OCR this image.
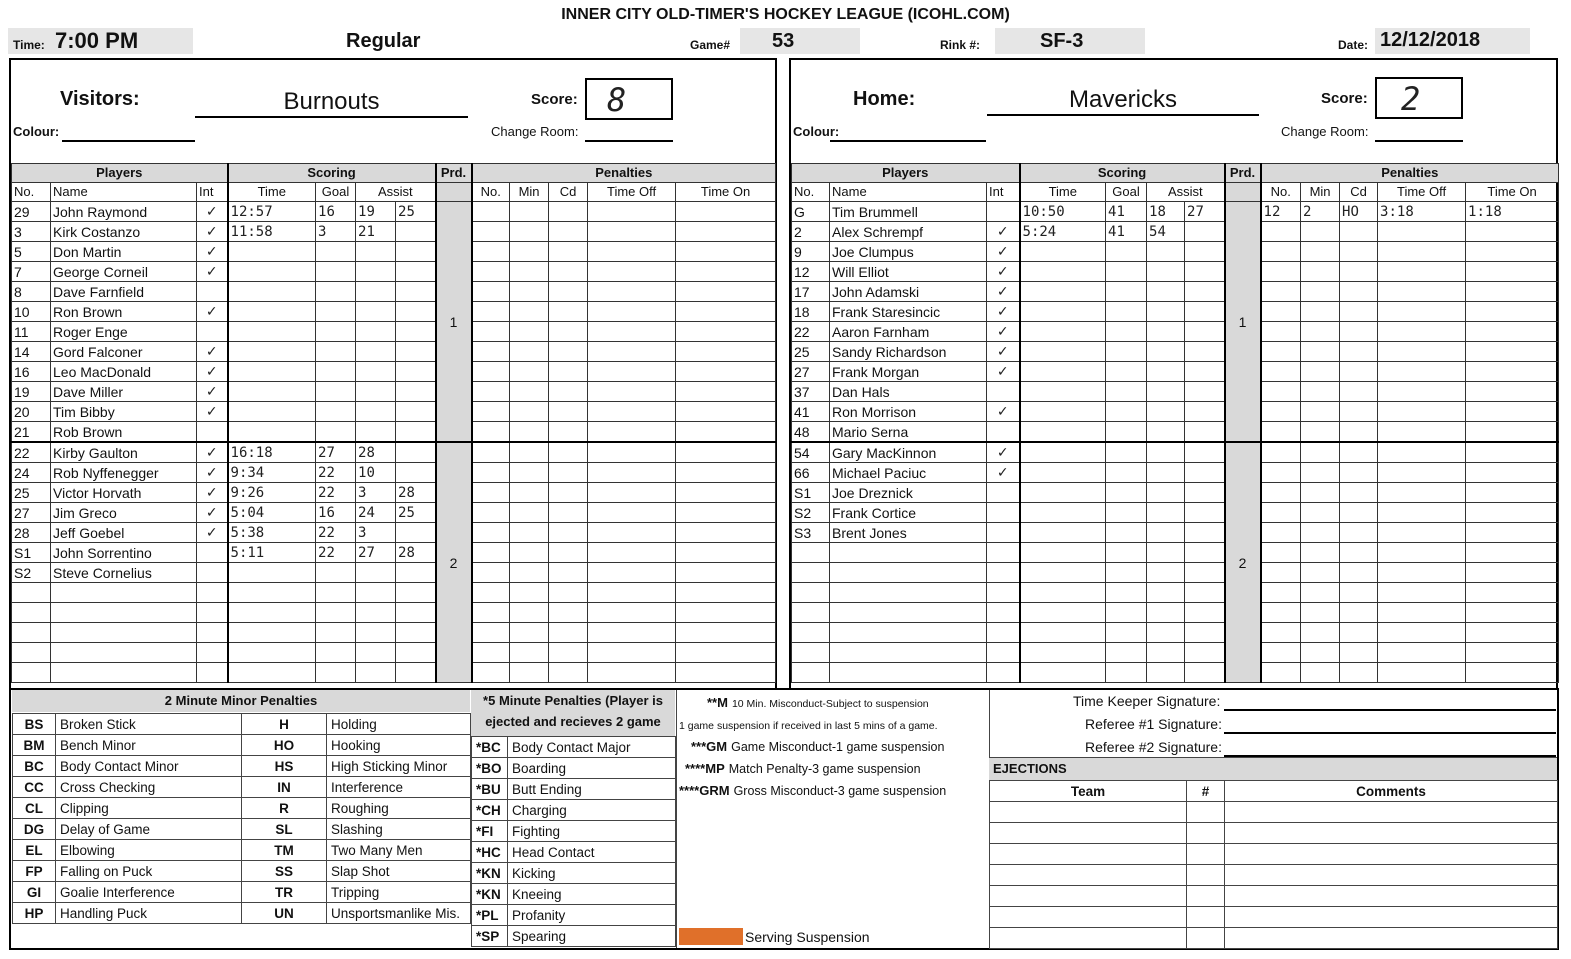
INNER CITY OLD-TIMER'S HOCKEY LEAGUE (ICOHL.COM)
Time: 7:00 PM	Regular	Game# 53	Rink #:	SF-3	Date: 12/12/2018
Visitors:	Burnouts	Score: 8
Colour:	Change Room:
Players			Scoring				Prd.	Penalties				
No.	Name	Int	Time	Goal	Assist			No.	Min	Cd	Time Off	Time On
29	John Raymond	✓	12:57	16	19	25	1					
3	Kirk Costanzo	✓	11:58	3	21							
5	Don Martin	✓										
7	George Corneil	✓										
8	Dave Farnfield											
10	Ron Brown	✓										
11	Roger Enge											
14	Gord Falconer	✓										
16	Leo MacDonald	✓										
19	Dave Miller	✓										
20	Tim Bibby	✓										
21	Rob Brown											
22	Kirby Gaulton	✓	16:18	27	28		2					
24	Rob Nyffenegger	✓	9:34	22	10							
25	Victor Horvath	✓	9:26	22	3	28						
27	Jim Greco	✓	5:04	16	24	25						
28	Jeff Goebel	✓	5:38	22	3							
S1	John Sorrentino		5:11	22	27	28						
S2	Steve Cornelius											

Home:	Mavericks	Score:	2
Colour:	Change Room:
Players			Scoring				Prd.	Penalties				
No.	Name	Int	Time	Goal	Assist			No.	Min	Cd	Time Off	Time On
G	Tim Brummell		10:50	41	18	27	1	12	2	HO	3:18	1:18
2	Alex Schrempf	✓	5:24	41	54							
9	Joe Clumpus	✓										
12	Will Elliot	✓										
17	John Adamski	✓										
18	Frank Staresincic	✓										
22	Aaron Farnham	✓										
25	Sandy Richardson	✓										
27	Frank Morgan	✓										
37	Dan Hals											
41	Ron Morrison	✓										
48	Mario Serna											
54	Gary MacKinnon	✓					2					
66	Michael Paciuc	✓										
S1	Joe Dreznick											
S2	Frank Cortice											
S3	Brent Jones											

2 Minute Minor Penalties
BS	Broken Stick	H	Holding
BM	Bench Minor	HO	Hooking
BC	Body Contact Minor	HS	High Sticking Minor
CC	Cross Checking	IN	Interference
CL	Clipping	R	Roughing
DG	Delay of Game	SL	Slashing
EL	Elbowing	TM	Two Many Men
FP	Falling on Puck	SS	Slap Shot
GI	Goalie Interference	TR	Tripping
HP	Handling Puck	UN	Unsportsmanlike Mis.
*5 Minute Penalties (Player is ejected and recieves 2 game
*BC	Body Contact Major
*BO	Boarding
*BU	Butt Ending
*CH	Charging
*FI	Fighting
*HC	Head Contact
*KN	Kicking
*KN	Kneeing
*PL	Profanity
*SP	Spearing
**M 10 Min. Misconduct-Subject to suspension
1 game suspension if received in last 5 mins of a game.
***GM Game Misconduct-1 game suspension
****MP Match Penalty-3 game suspension
****GRM Gross Misconduct-3 game suspension
Serving Suspension
Time Keeper Signature:
Referee #1 Signature:
Referee #2 Signature:
EJECTIONS
Team	#	Comments
